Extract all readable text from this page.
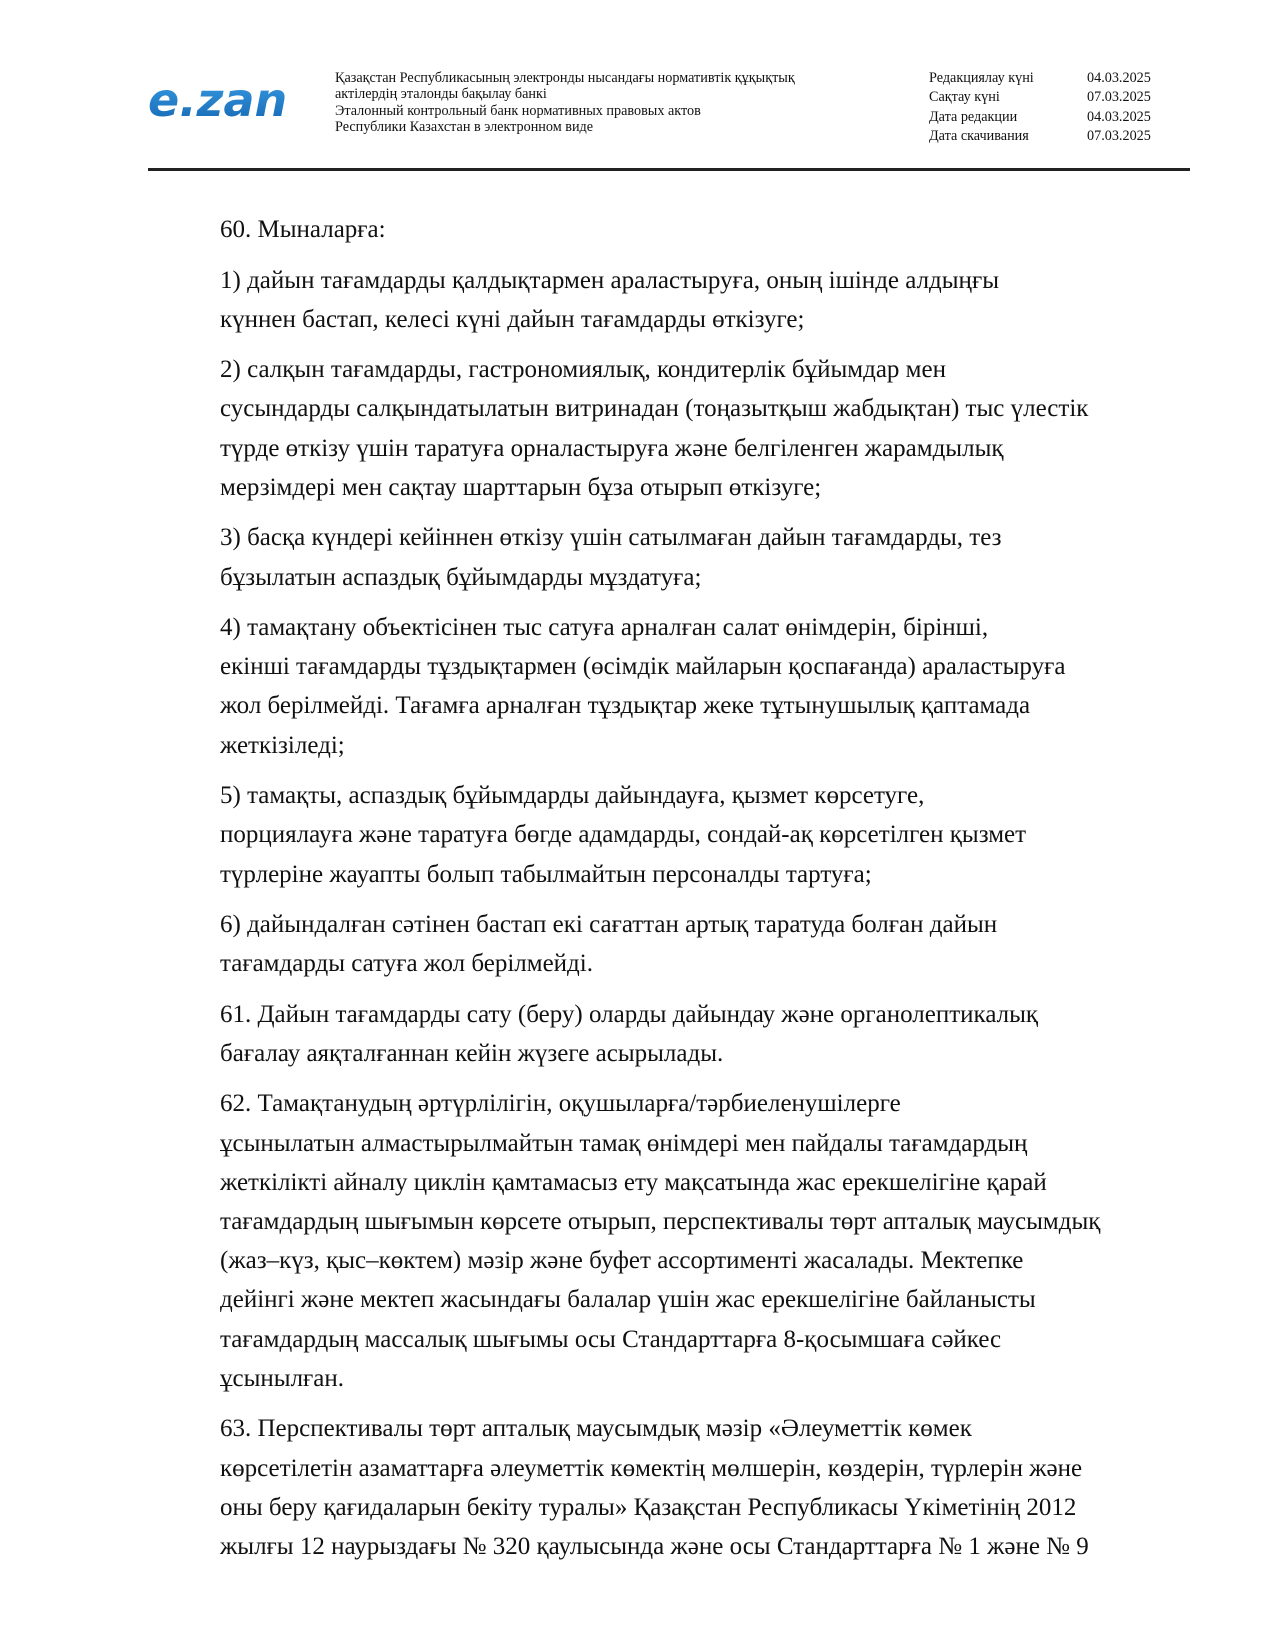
e.zan	Қазақстан Республикасының электронды нысандағы нормативтік құқықтық
актілердің эталонды бақылау банкі
Эталонный контрольный банк нормативных правовых актов
Республики Казахстан в электронном виде
Редакциялау күні	04.03.2025
Сақтау күні	07.03.2025
Дата редакции	04.03.2025
Дата скачивания	07.03.2025

60. Мыналарға:

1) дайын тағамдарды қалдықтармен араластыруға, оның ішінде алдыңғы
күннен бастап, келесі күні дайын тағамдарды өткізуге;

2) салқын тағамдарды, гастрономиялық, кондитерлік бұйымдар мен
сусындарды салқындатылатын витринадан (тоңазытқыш жабдықтан) тыс үлестік
түрде өткізу үшін таратуға орналастыруға және белгіленген жарамдылық
мерзімдері мен сақтау шарттарын бұза отырып өткізуге;

3) басқа күндері кейіннен өткізу үшін сатылмаған дайын тағамдарды, тез
бұзылатын аспаздық бұйымдарды мұздатуға;

4) тамақтану объектісінен тыс сатуға арналған салат өнімдерін, бірінші,
екінші тағамдарды тұздықтармен (өсімдік майларын қоспағанда) араластыруға
жол берілмейді. Тағамға арналған тұздықтар жеке тұтынушылық қаптамада
жеткізіледі;

5) тамақты, аспаздық бұйымдарды дайындауға, қызмет көрсетуге,
порциялауға және таратуға бөгде адамдарды, сондай-ақ көрсетілген қызмет
түрлеріне жауапты болып табылмайтын персоналды тартуға;

6) дайындалған сәтінен бастап екі сағаттан артық таратуда болған дайын
тағамдарды сатуға жол берілмейді.

61. Дайын тағамдарды сату (беру) оларды дайындау және органолептикалық
бағалау аяқталғаннан кейін жүзеге асырылады.

62. Тамақтанудың әртүрлілігін, оқушыларға/тәрбиеленушілерге
ұсынылатын алмастырылмайтын тамақ өнімдері мен пайдалы тағамдардың
жеткілікті айналу циклін қамтамасыз ету мақсатында жас ерекшелігіне қарай
тағамдардың шығымын көрсете отырып, перспективалы төрт апталық маусымдық
(жаз–күз, қыс–көктем) мәзір және буфет ассортименті жасалады. Мектепке
дейінгі және мектеп жасындағы балалар үшін жас ерекшелігіне байланысты
тағамдардың массалық шығымы осы Стандарттарға 8-қосымшаға сәйкес
ұсынылған.

63. Перспективалы төрт апталық маусымдық мәзір «Әлеуметтік көмек
көрсетілетін азаматтарға әлеуметтік көмектің мөлшерін, көздерін, түрлерін және
оны беру қағидаларын бекіту туралы» Қазақстан Республикасы Үкіметінің 2012
жылғы 12 наурыздағы № 320 қаулысында және осы Стандарттарға № 1 және № 9
